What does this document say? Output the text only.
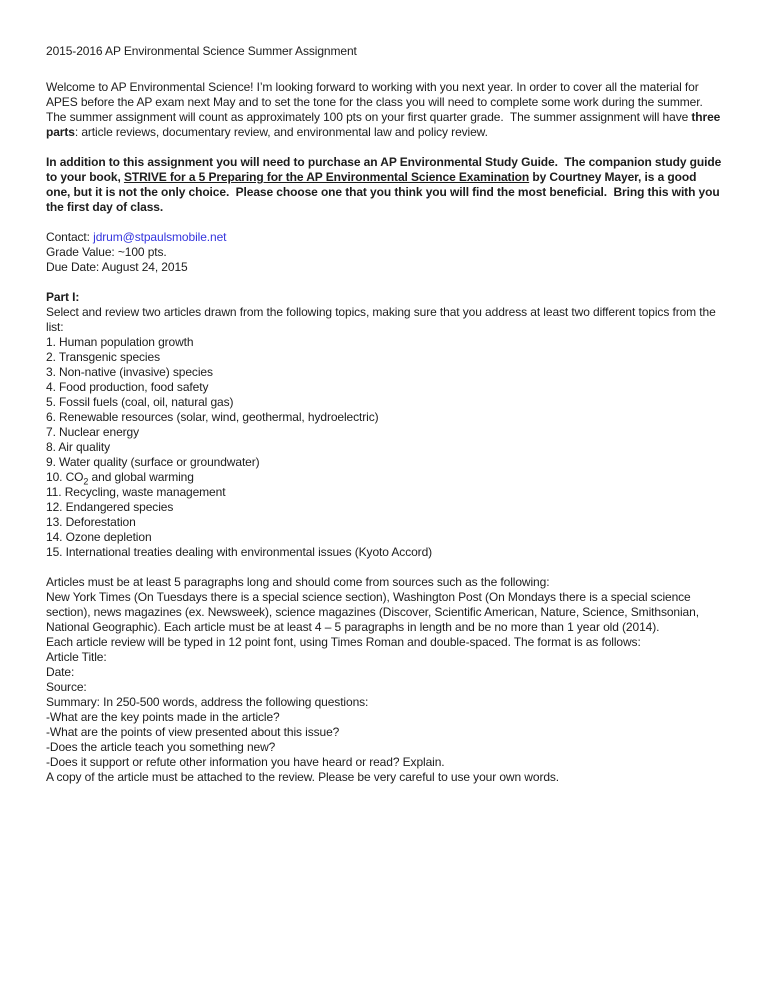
2015-2016 AP Environmental Science Summer Assignment
Welcome to AP Environmental Science! I’m looking forward to working with you next year. In order to cover all the material for APES before the AP exam next May and to set the tone for the class you will need to complete some work during the summer.  The summer assignment will count as approximately 100 pts on your first quarter grade.  The summer assignment will have three parts: article reviews, documentary review, and environmental law and policy review.
In addition to this assignment you will need to purchase an AP Environmental Study Guide.  The companion study guide to your book, STRIVE for a 5 Preparing for the AP Environmental Science Examination by Courtney Mayer, is a good one, but it is not the only choice.  Please choose one that you think you will find the most beneficial.  Bring this with you the first day of class.
Contact: jdrum@stpaulsmobile.net
Grade Value: ~100 pts.
Due Date: August 24, 2015
Part I:
Select and review two articles drawn from the following topics, making sure that you address at least two different topics from the list:
1. Human population growth
2. Transgenic species
3. Non-native (invasive) species
4. Food production, food safety
5. Fossil fuels (coal, oil, natural gas)
6. Renewable resources (solar, wind, geothermal, hydroelectric)
7. Nuclear energy
8. Air quality
9. Water quality (surface or groundwater)
10. $CO_2$ and global warming
11. Recycling, waste management
12. Endangered species
13. Deforestation
14. Ozone depletion
15. International treaties dealing with environmental issues (Kyoto Accord)
Articles must be at least 5 paragraphs long and should come from sources such as the following:
New York Times (On Tuesdays there is a special science section), Washington Post (On Mondays there is a special science section), news magazines (ex. Newsweek), science magazines (Discover, Scientific American, Nature, Science, Smithsonian, National Geographic). Each article must be at least 4 – 5 paragraphs in length and be no more than 1 year old (2014).
Each article review will be typed in 12 point font, using Times Roman and double-spaced. The format is as follows:
Article Title:
Date:
Source:
Summary: In 250-500 words, address the following questions:
-What are the key points made in the article?
-What are the points of view presented about this issue?
-Does the article teach you something new?
-Does it support or refute other information you have heard or read? Explain.
A copy of the article must be attached to the review. Please be very careful to use your own words.
